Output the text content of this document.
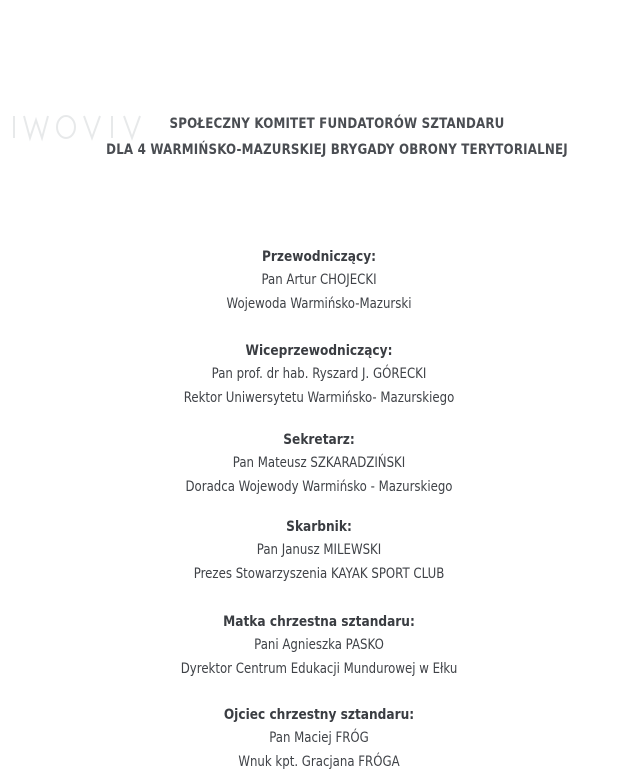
SPOŁECZNY KOMITET FUNDATORÓW SZTANDARU
DLA 4 WARMIŃSKO-MAZURSKIEJ BRYGADY OBRONY TERYTORIALNEJ
Przewodniczący:
Pan Artur CHOJECKI
Wojewoda Warmińsko-Mazurski
Wiceprzewodniczący:
Pan prof. dr hab. Ryszard J. GÓRECKI
Rektor Uniwersytetu Warmińsko- Mazurskiego
Sekretarz:
Pan Mateusz SZKARADZIŃSKI
Doradca Wojewody Warmińsko - Mazurskiego
Skarbnik:
Pan Janusz MILEWSKI
Prezes Stowarzyszenia KAYAK SPORT CLUB
Matka chrzestna sztandaru:
Pani Agnieszka PASKO
Dyrektor Centrum Edukacji Mundurowej w Ełku
Ojciec chrzestny sztandaru:
Pan Maciej FRÓG
Wnuk kpt. Gracjana FRÓGA
